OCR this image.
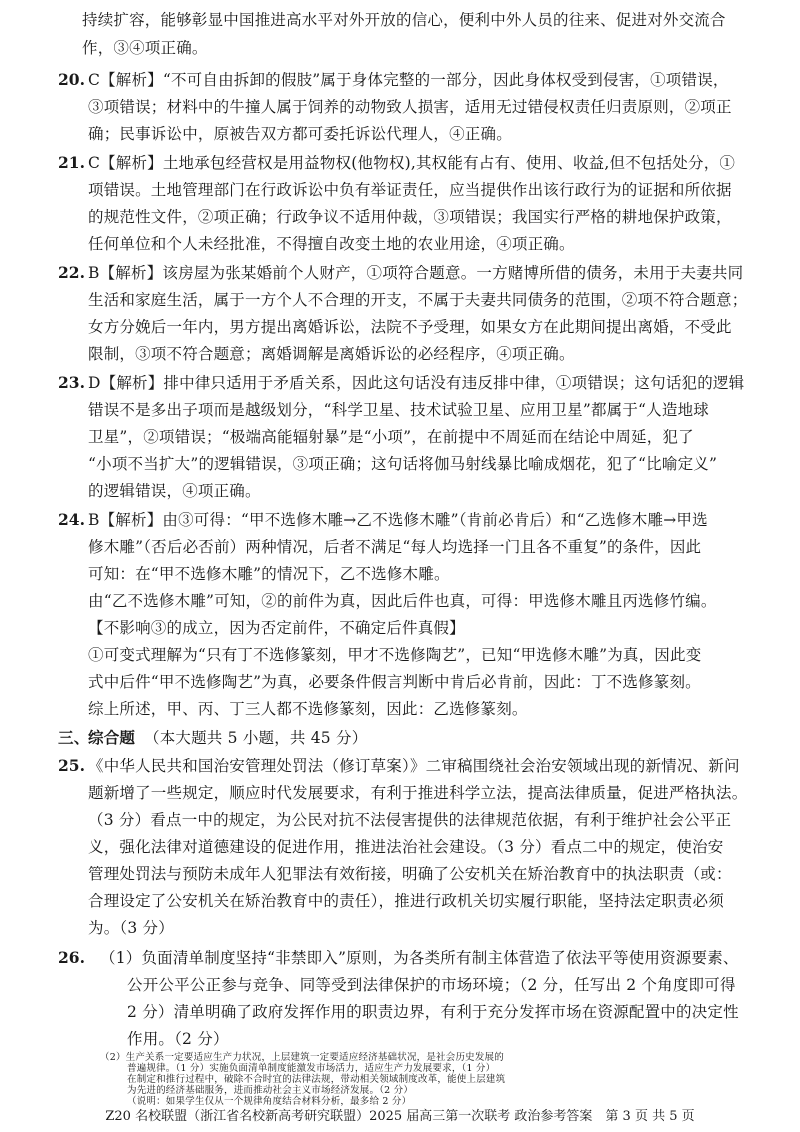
持续扩容，能够彰显中国推进高水平对外开放的信心，便利中外人员的往来、促进对外交流合
作，③④项正确。
20. C【解析】“不可自由拆卸的假肢”属于身体完整的一部分，因此身体权受到侵害，①项错误，
③项错误；材料中的牛撞人属于饲养的动物致人损害，适用无过错侵权责任归责原则，②项正
确；民事诉讼中，原被告双方都可委托诉讼代理人，④正确。
21. C【解析】土地承包经营权是用益物权(他物权),其权能有占有、使用、收益,但不包括处分，①
项错误。土地管理部门在行政诉讼中负有举证责任，应当提供作出该行政行为的证据和所依据
的规范性文件，②项正确；行政争议不适用仲裁，③项错误；我国实行严格的耕地保护政策，
任何单位和个人未经批准，不得擅自改变土地的农业用途，④项正确。
22. B【解析】该房屋为张某婚前个人财产，①项符合题意。一方赌博所借的债务，未用于夫妻共同
生活和家庭生活，属于一方个人不合理的开支，不属于夫妻共同债务的范围，②项不符合题意；
女方分娩后一年内，男方提出离婚诉讼，法院不予受理，如果女方在此期间提出离婚，不受此
限制，③项不符合题意；离婚调解是离婚诉讼的必经程序，④项正确。
23. D【解析】排中律只适用于矛盾关系，因此这句话没有违反排中律，①项错误；这句话犯的逻辑
错误不是多出子项而是越级划分，“科学卫星、技术试验卫星、应用卫星”都属于“人造地球
卫星”，②项错误；“极端高能辐射暴”是“小项”，在前提中不周延而在结论中周延，犯了
“小项不当扩大”的逻辑错误，③项正确；这句话将伽马射线暴比喻成烟花，犯了“比喻定义”
的逻辑错误，④项正确。
24. B【解析】由③可得：“甲不选修木雕→乙不选修木雕”（肯前必肯后）和“乙选修木雕→甲选
修木雕”（否后必否前）两种情况，后者不满足“每人均选择一门且各不重复”的条件，因此
可知：在“甲不选修木雕”的情况下，乙不选修木雕。
由“乙不选修木雕”可知，②的前件为真，因此后件也真，可得：甲选修木雕且丙选修竹编。
【不影响③的成立，因为否定前件，不确定后件真假】
①可变式理解为“只有丁不选修篆刻，甲才不选修陶艺”，已知“甲选修木雕”为真，因此变
式中后件“甲不选修陶艺”为真，必要条件假言判断中肯后必肯前，因此：丁不选修篆刻。
综上所述，甲、丙、丁三人都不选修篆刻，因此：乙选修篆刻。
三、
综合题 （本大题共 5 小题，共 45 分）
25. 《中华人民共和国治安管理处罚法（修订草案）》二审稿围绕社会治安领域出现的新情况、新问
题新增了一些规定，顺应时代发展要求，有利于推进科学立法，提高法律质量，促进严格执法。
（3 分）看点一中的规定，为公民对抗不法侵害提供的法律规范依据，有利于维护社会公平正
义，强化法律对道德建设的促进作用，推进法治社会建设。（3 分）看点二中的规定，使治安
管理处罚法与预防未成年人犯罪法有效衔接，明确了公安机关在矫治教育中的执法职责（或：
合理设定了公安机关在矫治教育中的责任），推进行政机关切实履行职能，坚持法定职责必须
为。（3 分）
26. （1）负面清单制度坚持“非禁即入”原则，为各类所有制主体营造了依法平等使用资源要素、
公开公平公正参与竞争、同等受到法律保护的市场环境；（2 分，任写出 2 个角度即可得
2 分）清单明确了政府发挥作用的职责边界，有利于充分发挥市场在资源配置中的决定性
作用。（2 分）
Z20 名校联盟（浙江省名校新高考研究联盟）2025 届高三第一次联考 政治参考答案　第 3 页 共 5 页
（2）生产关系一定要适应生产力状况，上层建筑一定要适应经济基础状况，是社会历史发展的
普遍规律。（1 分）实施负面清单制度能激发市场活力，适应生产力发展要求，（1 分）
在制定和推行过程中，破除不合时宜的法律法规，带动相关领域制度改革，能使上层建筑
为先进的经济基础服务，进而推动社会主义市场经济发展。（2 分）
（说明：如果学生仅从一个规律角度结合材料分析，最多给 2 分）
